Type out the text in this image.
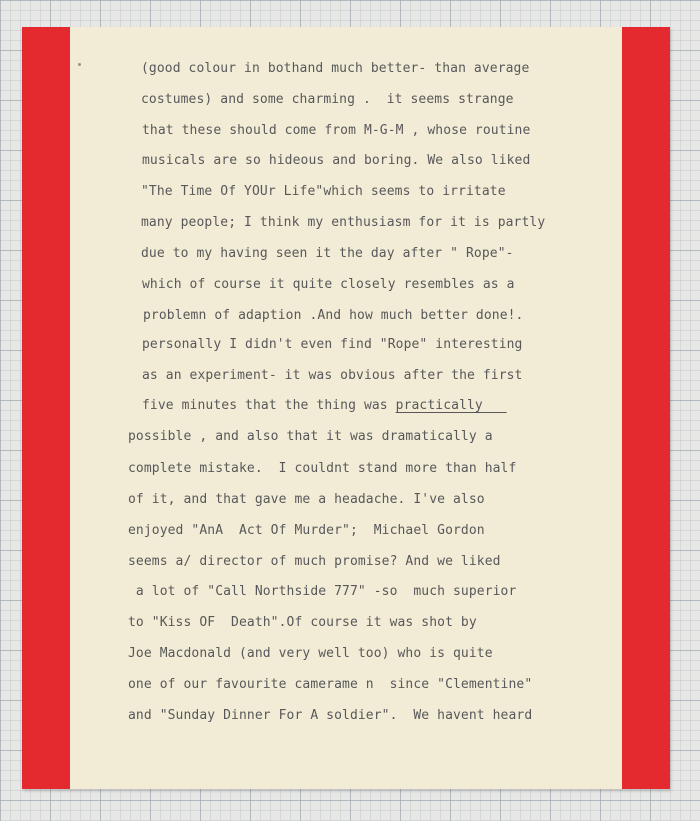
(good colour in bothand much better- than average
costumes) and some charming .  it seems strange
that these should come from M-G-M , whose routine
musicals are so hideous and boring. We also liked
"The Time Of YOUr Life"which seems to irritate
many people; I think my enthusiasm for it is partly
due to my having seen it the day after " Rope"-
which of course it quite closely resembles as a
problemn of adaption .And how much better done!.
personally I didn't even find "Rope" interesting
as an experiment- it was obvious after the first
five minutes that the thing was practically
possible , and also that it was dramatically a
complete mistake.  I couldnt stand more than half
of it, and that gave me a headache. I've also
enjoyed "AnA  Act Of Murder";  Michael Gordon
seems a/ director of much promise? And we liked
a lot of "Call Northside 777" -so  much superior
to "Kiss OF  Death".Of course it was shot by
Joe Macdonald (and very well too) who is quite
one of our favourite camerame n  since "Clementine"
and "Sunday Dinner For A soldier".  We havent heard
